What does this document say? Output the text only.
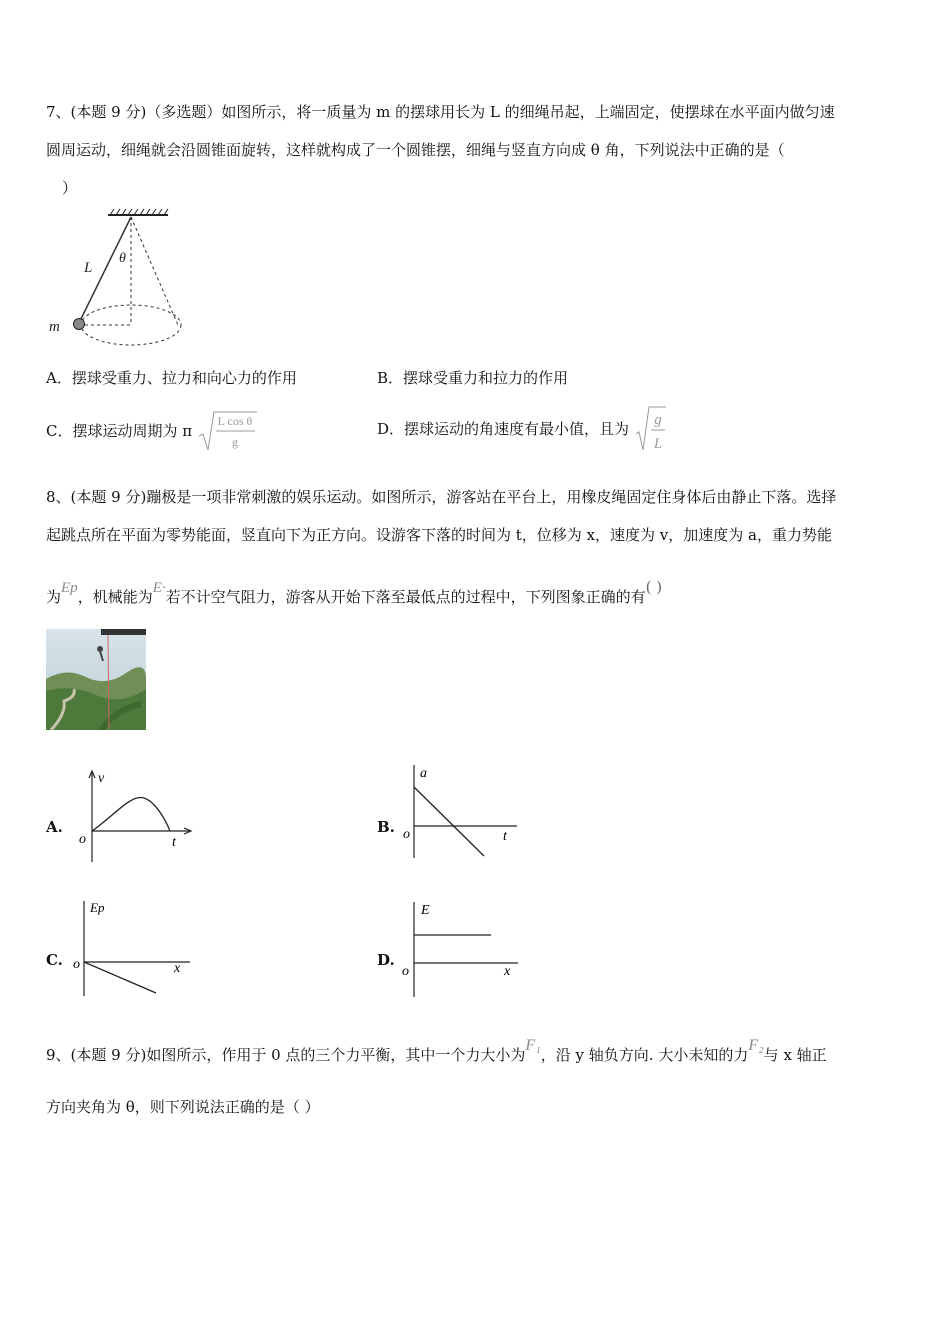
7、(本题 9 分)（多选题）如图所示，将一质量为 m 的摆球用长为 L 的细绳吊起，上端固定，使摆球在水平面内做匀速
圆周运动，细绳就会沿圆锥面旋转，这样就构成了一个圆锥摆，细绳与竖直方向成 θ 角，下列说法中正确的是（
）
L
θ
m
A．摆球受重力、拉力和向心力的作用	B．摆球受重力和拉力的作用
C．摆球运动周期为 π
L cos θ
g
D．摆球运动的角速度有最小值，且为 g
L
8、(本题 9 分)蹦极是一项非常刺激的娱乐运动。如图所示，游客站在平台上，用橡皮绳固定住身体后由静止下落。选择
起跳点所在平面为零势能面，竖直向下为正方向。设游客下落的时间为 t，位移为 x，速度为 v，加速度为 a，重力势能
为Ep，机械能为E·若不计空气阻力，游客从开始下落至最低点的过程中，下列图象正确的有( )
A.
v
t
o
B.
a
t
o
C.
Ep
x
o	D.
E
x
o
9、(本题 9 分)如图所示，作用于 0 点的三个力平衡，其中一个力大小为F₁，沿 y 轴负方向. 大小未知的力F₂与 x 轴正
方向夹角为 θ，则下列说法正确的是（ ）
